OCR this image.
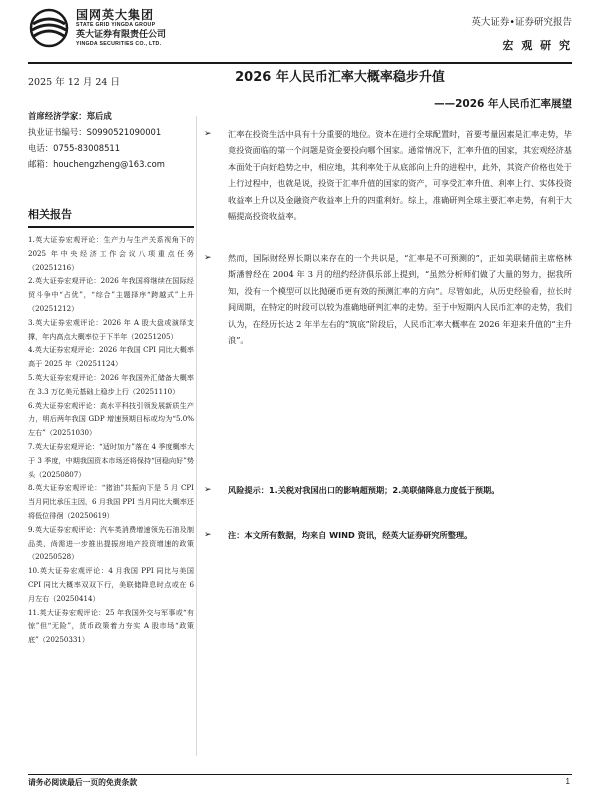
国网英大集团
STATE GRID YINGDA GROUP
英大证券有限责任公司
YINGDA SECURITIES CO., LTD.
英大证券•证券研究报告
宏 观 研 究
2025 年 12 月 24 日	2026 年人民币汇率大概率稳步升值
——2026 年人民币汇率展望
首席经济学家：郑后成
执业证书编号：S0990521090001
电话：0755-83008511
邮箱：houchengzheng@163.com
相关报告
1.英大证券宏观评论：生产力与生产关系视角下的 2025 年中央经济工作会议八项重点任务（20251216）
2.英大证券宏观评论：2026 年我国将继续在国际经贸斗争中“占优”，“综合”主题择序“跨越式”上升（20251212）
3.英大证券宏观评论：2026 年 A 股大盘或演绎支撑，年内高点大概率位于下半年（20251205）
4.英大证券宏观评论：2026 年我国 CPI 同比大概率高于 2025 年（20251124）
5.英大证券宏观评论：2026 年我国外汇储备大概率在 3.3 万亿美元基础上稳步上行（20251110）
6.英大证券宏观评论：高水平科技引领发展新质生产力，明后两年我国 GDP 增速预期目标或均为“5.0%左右”（20251030）
7.英大证券宏观评论：“适时加力”落在 4 季度概率大于 3 季度，中期我国资本市场还将保持“回稳向好”势头（20250807）
8.英大证券宏观评论：“猪油”共振向下是 5 月 CPI 当月同比承压主因，6 月我国 PPI 当月同比大概率还将低位徘徊（20250619）
9.英大证券宏观评论：汽车类消费增速领先石油及制品类，尚需进一步推出提振房地产投资增速的政策（20250528）
10.英大证券宏观评论：4 月我国 PPI 同比与美国 CPI 同比大概率双双下行，美联储降息时点或在 6 月左右（20250414）
11.英大证券宏观评论：25 年我国外交与军事或“有惊”但“无险”，货币政策着力夯实 A 股市场“政策底”（20250331）
➢ 汇率在投资生活中具有十分重要的地位。资本在进行全球配置时，首要考量因素是汇率走势，毕竟投资面临的第一个问题是资金要投向哪个国家。通常情况下，汇率升值的国家，其宏观经济基本面处于向好趋势之中，相应地，其利率处于从底部向上升的进程中，此外，其资产价格也处于上行过程中，也就是说，投资于汇率升值的国家的资产，可享受汇率升值、利率上行、实体投资收益率上升以及金融资产收益率上升的四重利好。综上，准确研判全球主要汇率走势，有利于大幅提高投资收益率。
➢ 然而，国际财经界长期以来存在的一个共识是，“汇率是不可预测的”，正如美联储前主席格林斯潘曾经在 2004 年 3 月的纽约经济俱乐部上提到，“虽然分析师们做了大量的努力，据我所知，没有一个模型可以比抛硬币更有效的预测汇率的方向”。尽管如此，从历史经验看，拉长时间周期，在特定的时段可以较为准确地研判汇率的走势。至于中短期内人民币汇率的走势，我们认为，在经历长达 2 年半左右的“筑底”阶段后，人民币汇率大概率在 2026 年迎来升值的“主升浪”。
➢ 风险提示：1.关税对我国出口的影响超预期；2.美联储降息力度低于预期。
➢ 注：本文所有数据，均来自 WIND 资讯，经英大证券研究所整理。
请务必阅读最后一页的免责条款	1
